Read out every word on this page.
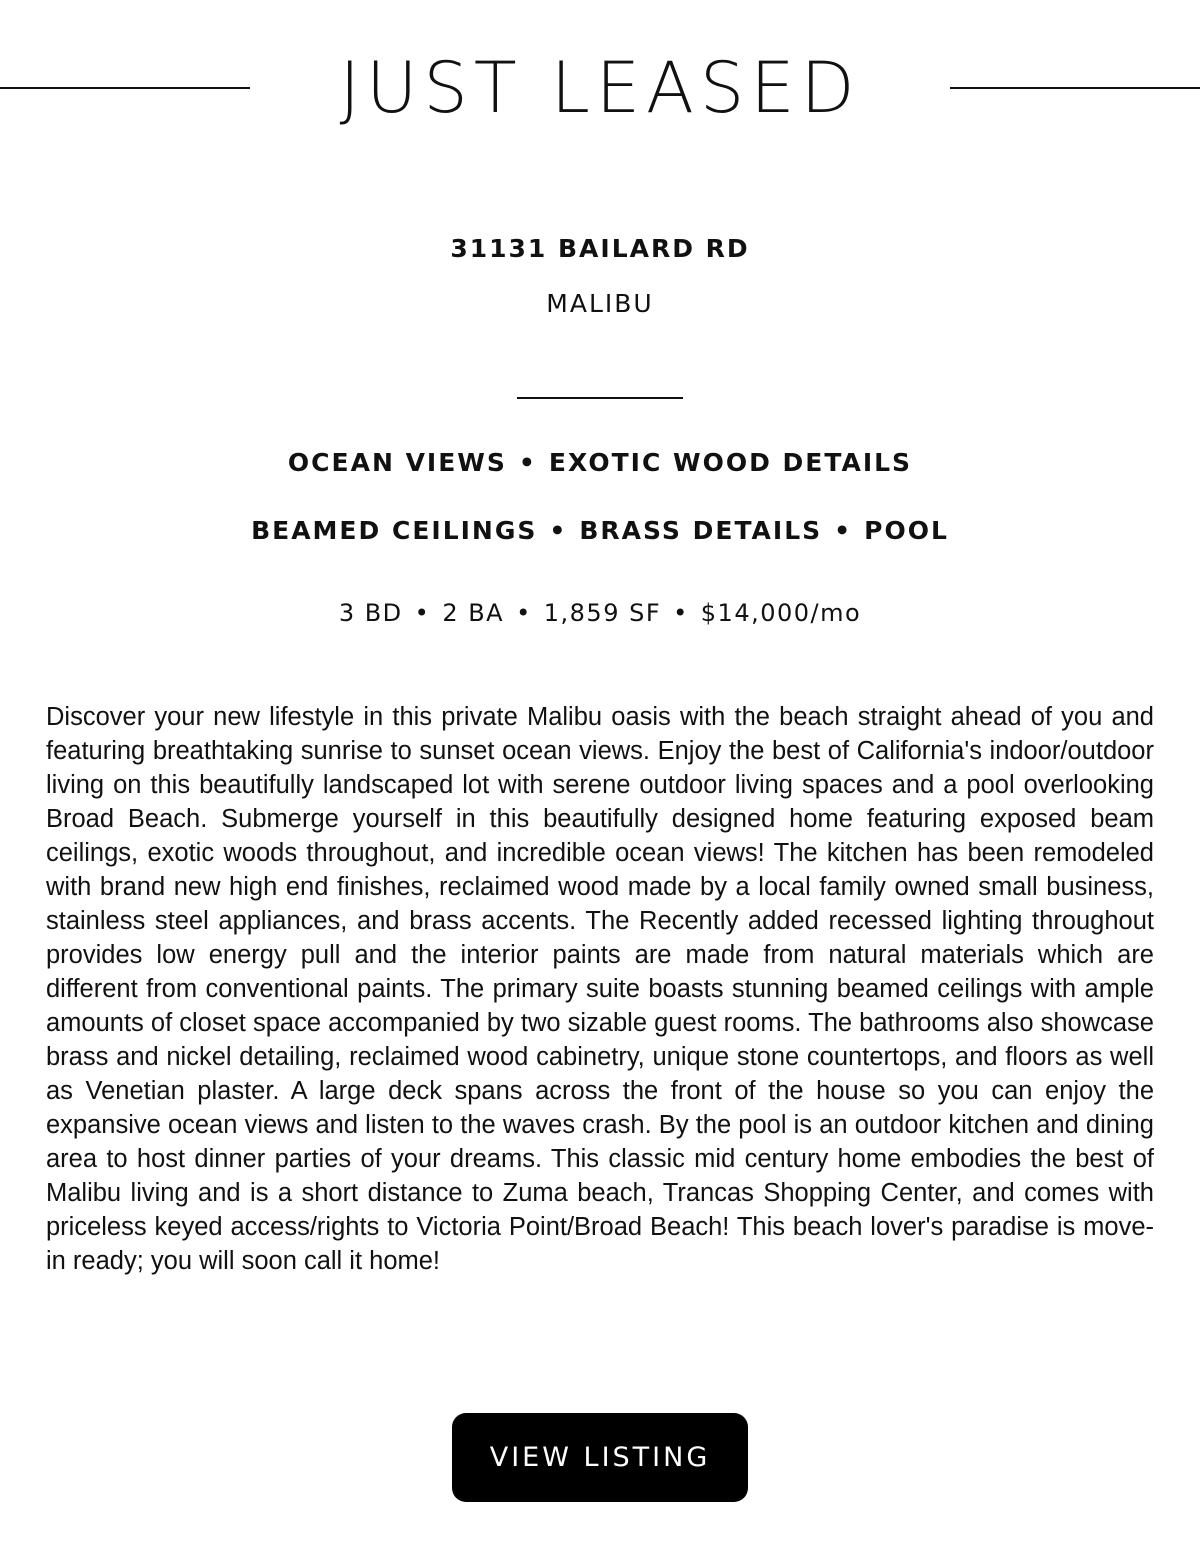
JUST LEASED
31131 BAILARD RD
MALIBU
OCEAN VIEWS • EXOTIC WOOD DETAILS
BEAMED CEILINGS • BRASS DETAILS • POOL
3 BD • 2 BA • 1,859 SF • $14,000/mo

Discover your new lifestyle in this private Malibu oasis with the beach straight ahead of you and featuring breathtaking sunrise to sunset ocean views. Enjoy the best of California's indoor/outdoor living on this beautifully landscaped lot with serene outdoor living spaces and a pool overlooking Broad Beach. Submerge yourself in this beautifully designed home featuring exposed beam ceilings, exotic woods throughout, and incredible ocean views! The kitchen has been remodeled with brand new high end finishes, reclaimed wood made by a local family owned small business, stainless steel appliances, and brass accents. The Recently added recessed lighting throughout provides low energy pull and the interior paints are made from natural materials which are different from conventional paints. The primary suite boasts stunning beamed ceilings with ample amounts of closet space accompanied by two sizable guest rooms. The bathrooms also showcase brass and nickel detailing, reclaimed wood cabinetry, unique stone countertops, and floors as well as Venetian plaster. A large deck spans across the front of the house so you can enjoy the expansive ocean views and listen to the waves crash. By the pool is an outdoor kitchen and dining area to host dinner parties of your dreams. This classic mid century home embodies the best of Malibu living and is a short distance to Zuma beach, Trancas Shopping Center, and comes with priceless keyed access/rights to Victoria Point/Broad Beach! This beach lover's paradise is move-in ready; you will soon call it home!

VIEW LISTING
